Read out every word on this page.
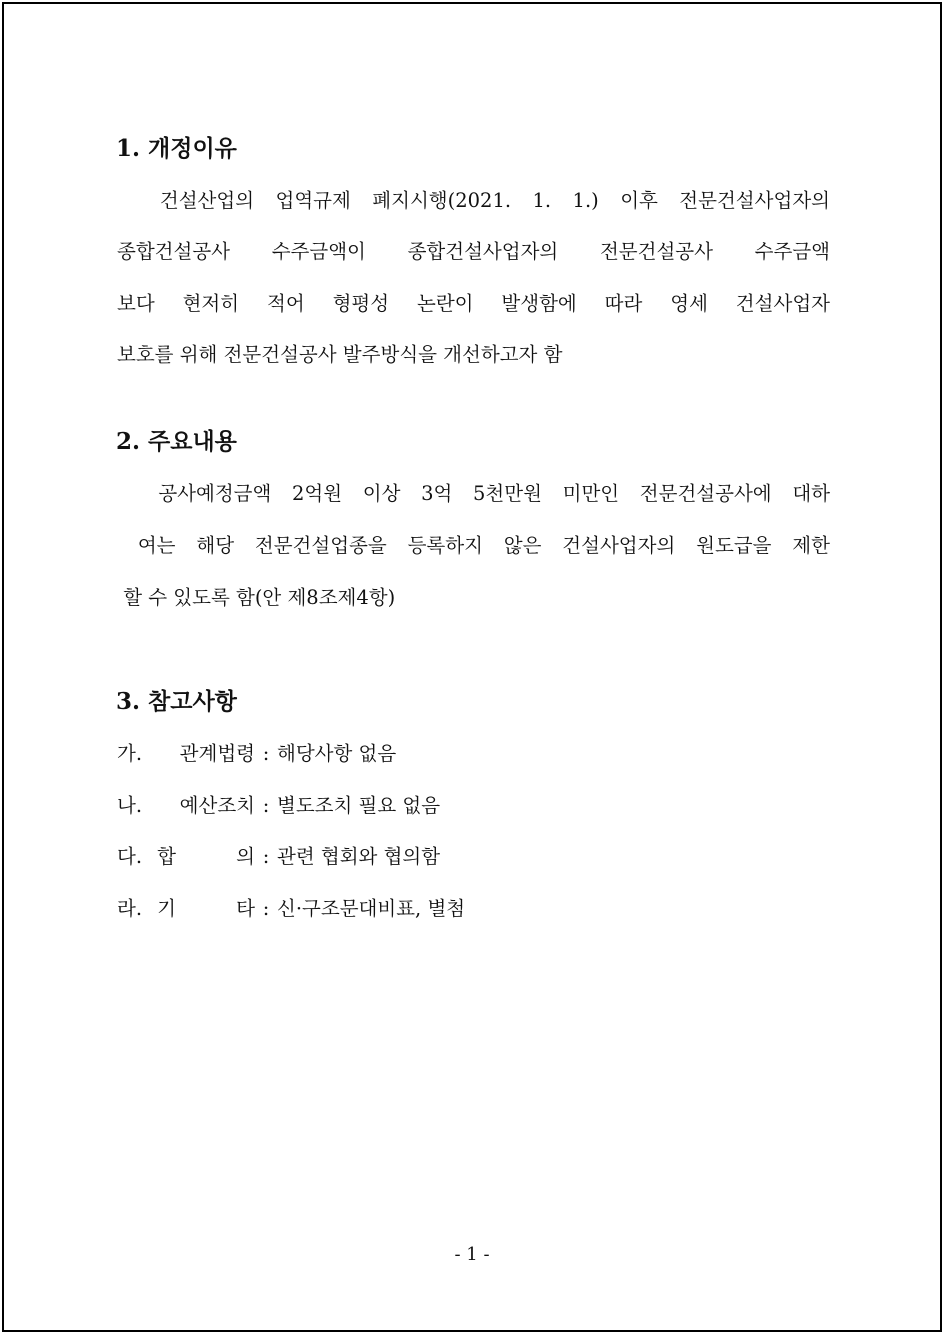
1. 개정이유
건설산업의 업역규제 폐지시행(2021. 1. 1.) 이후 전문건설사업자의
종합건설공사 수주금액이 종합건설사업자의 전문건설공사 수주금액
보다 현저히 적어 형평성 논란이 발생함에 따라 영세 건설사업자
보호를 위해 전문건설공사 발주방식을 개선하고자 함
2. 주요내용
공사예정금액 2억원 이상 3억 5천만원 미만인 전문건설공사에 대하
여는 해당 전문건설업종을 등록하지 않은 건설사업자의 원도급을 제한
할 수 있도록 함(안 제8조제4항)
3. 참고사항
가. 관계법령 : 해당사항 없음
나. 예산조치 : 별도조치 필요 없음
다. 합    의 : 관련 협회와 협의함
라. 기    타 : 신·구조문대비표, 별첨
- 1 -
